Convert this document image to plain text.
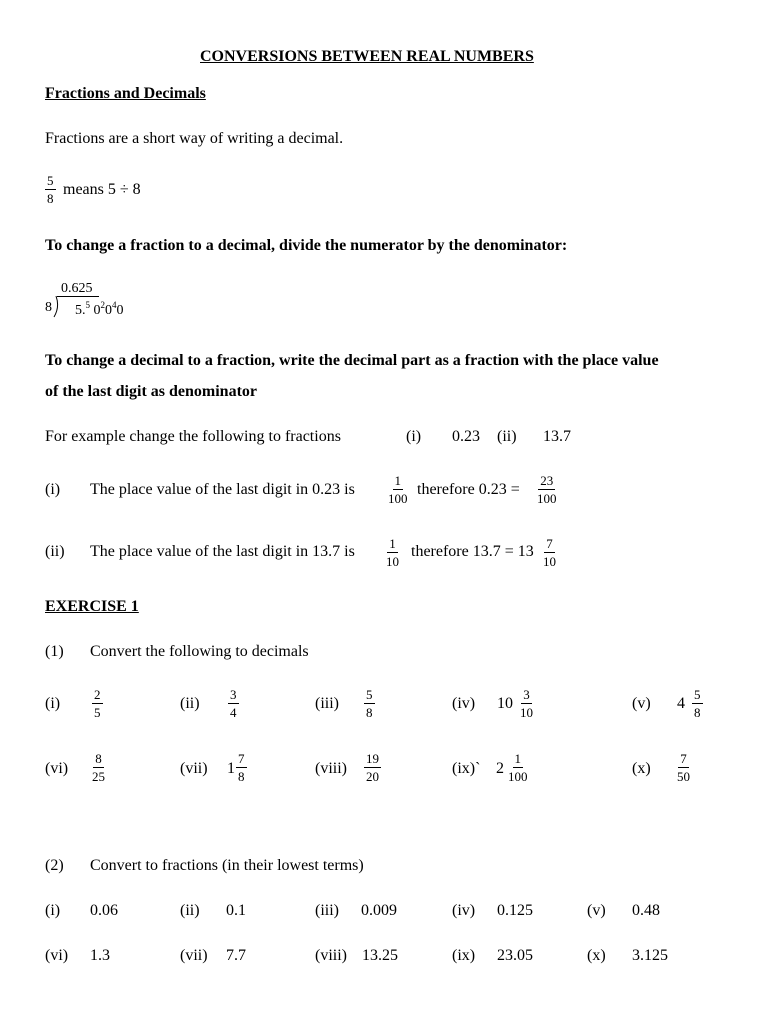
CONVERSIONS BETWEEN REAL NUMBERS
Fractions and Decimals
Fractions are a short way of writing a decimal.
$\frac{5}{8}$ means 5 ÷ 8
To change a fraction to a decimal, divide the numerator by the denominator:
0.625
8 5.$^5$ $0^20^40$
To change a decimal to a fraction, write the decimal part as a fraction with the place value
of the last digit as denominator
For example change the following to fractions	(i) 0.23 (ii) 13.7
(i) The place value of the last digit in 0.23 is	$\frac{1}{100}$ therefore $0.23 = \frac{23}{100}$
(ii) The place value of the last digit in 13.7 is $\frac{1}{10}$ therefore $13.7 = 13 \frac{7}{10}$
EXERCISE 1
(1) Convert the following to decimals
$(i) \frac{2}{5}$	$(ii) \frac{3}{4}$	$(iii) \frac{5}{8}$	(iv) $10 \frac{3}{10}$	(v) $4 \frac{5}{8}$
$(vi) \frac{8}{25}$	(vii) $1 \frac{7}{8}$	(viii) $\frac{19}{20}$	(ix)` $2 \frac{1}{100}$	$(x) \frac{7}{50}$
(2) Convert to fractions (in their lowest terms)
(i) 0.06	(ii) 0.1	(iii) 0.009	(iv) 0.125	(v) 0.48
(vi) 1.3	(vii) 7.7	(viii) 13.25	(ix) 23.05	(x) 3.125
